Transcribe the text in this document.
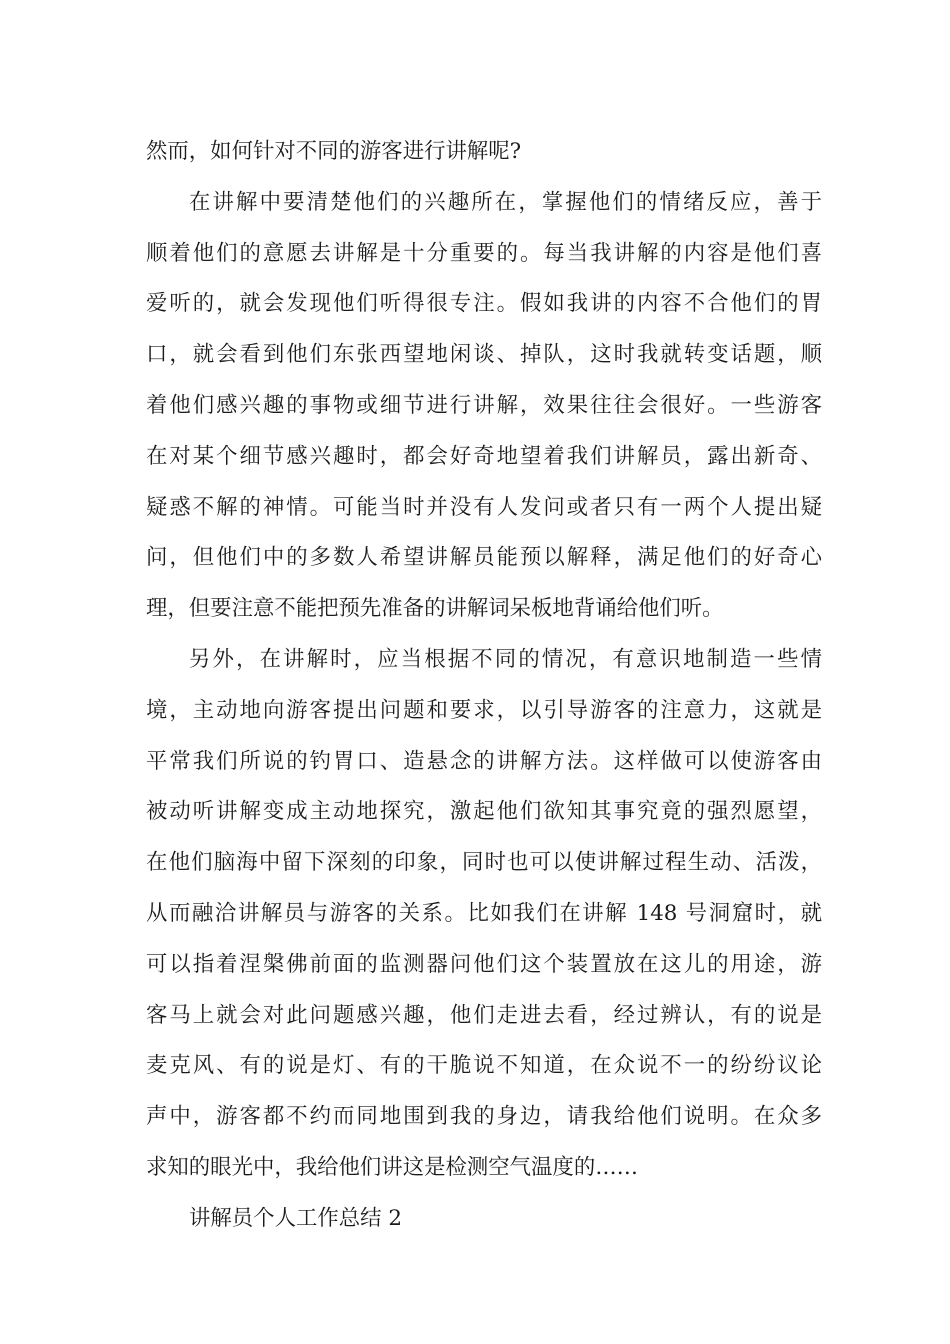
然而，如何针对不同的游客进行讲解呢?
在讲解中要清楚他们的兴趣所在，掌握他们的情绪反应，善于
顺着他们的意愿去讲解是十分重要的。每当我讲解的内容是他们喜
爱听的，就会发现他们听得很专注。假如我讲的内容不合他们的胃
口，就会看到他们东张西望地闲谈、掉队，这时我就转变话题，顺
着他们感兴趣的事物或细节进行讲解，效果往往会很好。一些游客
在对某个细节感兴趣时，都会好奇地望着我们讲解员，露出新奇、
疑惑不解的神情。可能当时并没有人发问或者只有一两个人提出疑
问，但他们中的多数人希望讲解员能预以解释，满足他们的好奇心
理，但要注意不能把预先准备的讲解词呆板地背诵给他们听。
另外，在讲解时，应当根据不同的情况，有意识地制造一些情
境，主动地向游客提出问题和要求，以引导游客的注意力，这就是
平常我们所说的钓胃口、造悬念的讲解方法。这样做可以使游客由
被动听讲解变成主动地探究，激起他们欲知其事究竟的强烈愿望，
在他们脑海中留下深刻的印象，同时也可以使讲解过程生动、活泼，
从而融洽讲解员与游客的关系。比如我们在讲解 148 号洞窟时，就
可以指着涅槃佛前面的监测器问他们这个装置放在这儿的用途，游
客马上就会对此问题感兴趣，他们走进去看，经过辨认，有的说是
麦克风、有的说是灯、有的干脆说不知道，在众说不一的纷纷议论
声中，游客都不约而同地围到我的身边，请我给他们说明。在众多
求知的眼光中，我给他们讲这是检测空气温度的……
讲解员个人工作总结 2
